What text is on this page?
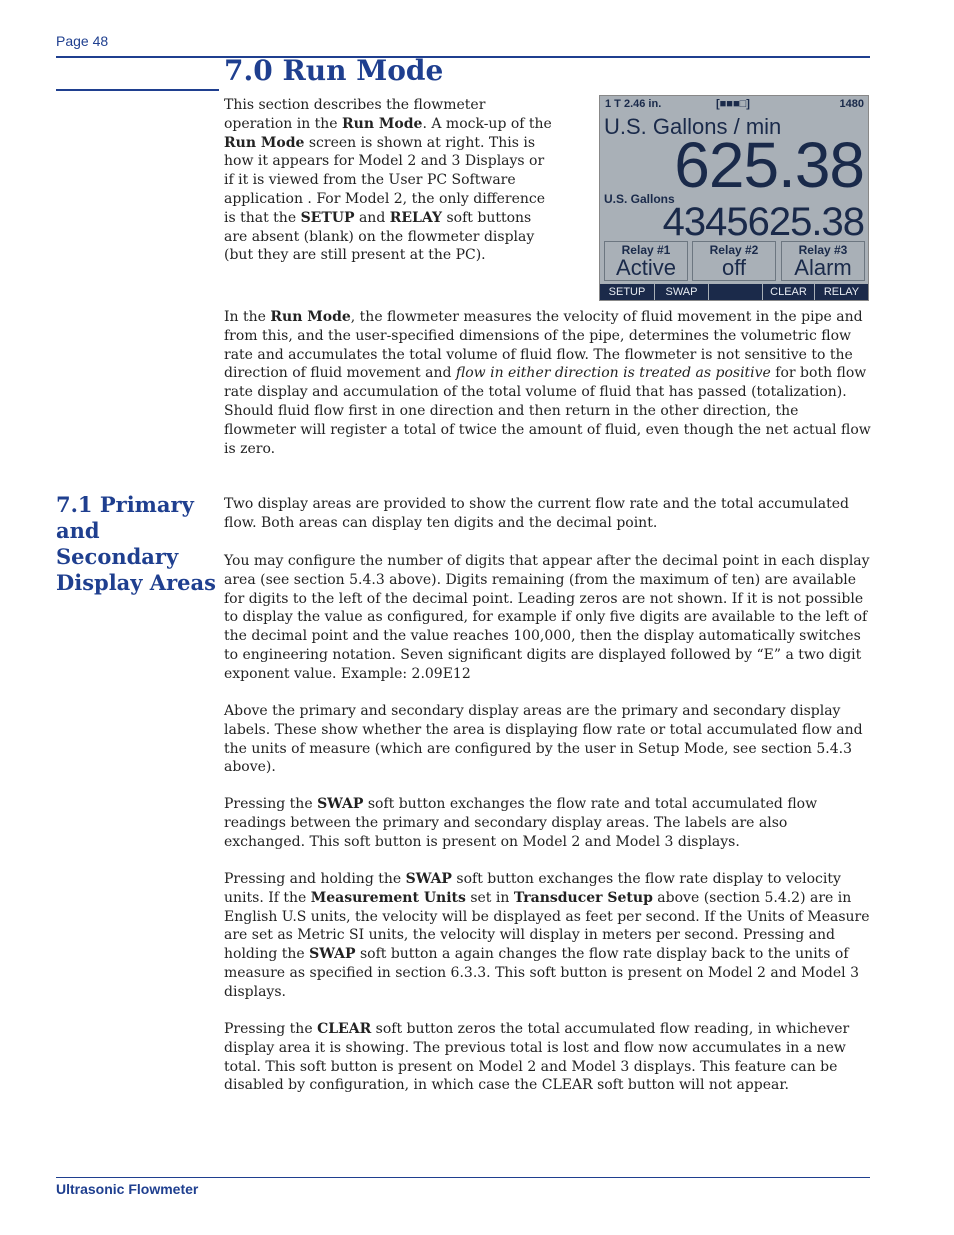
Page 48
7.0 Run Mode

This section describes the flowmeter operation in the Run Mode. A mock-up of the Run Mode screen is shown at right. This is how it appears for Model 2 and 3 Displays or if it is viewed from the User PC Software application . For Model 2, the only difference is that the SETUP and RELAY soft buttons are absent (blank) on the flowmeter display (but they are still present at the PC).

1 T 2.46 in.	[■■■□]	1480
U.S. Gallons / min
625.38
U.S. Gallons
4345625.38
Relay #1
Active
Relay #2
off
Relay #3
Alarm
SETUP	SWAP	CLEAR	RELAY

In the Run Mode, the flowmeter measures the velocity of fluid movement in the pipe and from this, and the user-specified dimensions of the pipe, determines the volumetric flow rate and accumulates the total volume of fluid flow. The flowmeter is not sensitive to the direction of fluid movement and flow in either direction is treated as positive for both flow rate display and accumulation of the total volume of fluid that has passed (totalization). Should fluid flow first in one direction and then return in the other direction, the flowmeter will register a total of twice the amount of fluid, even though the net actual flow is zero.

7.1 Primary and Secondary Display Areas

Two display areas are provided to show the current flow rate and the total accumulated flow. Both areas can display ten digits and the decimal point.

You may configure the number of digits that appear after the decimal point in each display area (see section 5.4.3 above). Digits remaining (from the maximum of ten) are available for digits to the left of the decimal point. Leading zeros are not shown. If it is not possible to display the value as configured, for example if only five digits are available to the left of the decimal point and the value reaches 100,000, then the display automatically switches to engineering notation. Seven significant digits are displayed followed by “E” a two digit exponent value. Example: 2.09E12

Above the primary and secondary display areas are the primary and secondary display labels. These show whether the area is displaying flow rate or total accumulated flow and the units of measure (which are configured by the user in Setup Mode, see section 5.4.3 above).

Pressing the SWAP soft button exchanges the flow rate and total accumulated flow readings between the primary and secondary display areas. The labels are also exchanged. This soft button is present on Model 2 and Model 3 displays.

Pressing and holding the SWAP soft button exchanges the flow rate display to velocity units. If the Measurement Units set in Transducer Setup above (section 5.4.2) are in English U.S units, the velocity will be displayed as feet per second. If the Units of Measure are set as Metric SI units, the velocity will display in meters per second. Pressing and holding the SWAP soft button a again changes the flow rate display back to the units of measure as specified in section 6.3.3. This soft button is present on Model 2 and Model 3 displays.

Pressing the CLEAR soft button zeros the total accumulated flow reading, in whichever display area it is showing. The previous total is lost and flow now accumulates in a new total. This soft button is present on Model 2 and Model 3 displays. This feature can be disabled by configuration, in which case the CLEAR soft button will not appear.

Ultrasonic Flowmeter
